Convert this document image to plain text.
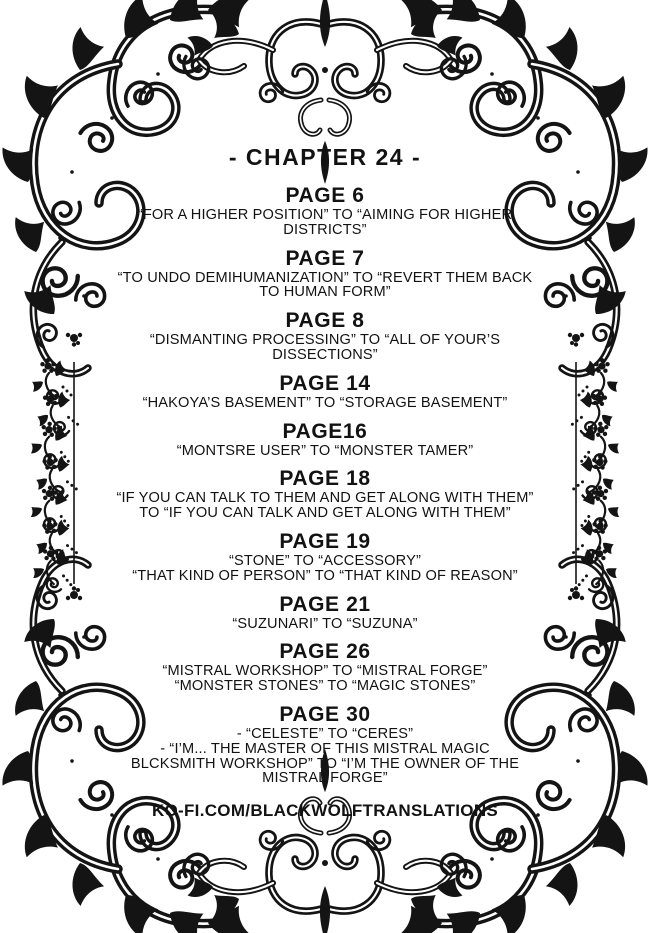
- CHAPTER 24 -
PAGE 6

“FOR A HIGHER POSITION” TO “AIMING FOR HIGHER
DISTRICTS”

PAGE 7

“TO UNDO DEMIHUMANIZATION” TO “REVERT THEM BACK
TO HUMAN FORM”

PAGE 8

“DISMANTING PROCESSING” TO “ALL OF YOUR’S
DISSECTIONS”

PAGE 14

“HAKOYA’S BASEMENT” TO “STORAGE BASEMENT”

PAGE16

“MONTSRE USER” TO “MONSTER TAMER”

PAGE 18

“IF YOU CAN TALK TO THEM AND GET ALONG WITH THEM”
TO “IF YOU CAN TALK AND GET ALONG WITH THEM”

PAGE 19

“STONE” TO “ACCESSORY”
“THAT KIND OF PERSON” TO “THAT KIND OF REASON”

PAGE 21

“SUZUNARI” TO “SUZUNA”

PAGE 26

“MISTRAL WORKSHOP” TO “MISTRAL FORGE”
“MONSTER STONES” TO “MAGIC STONES”

PAGE 30

- “CELESTE” TO “CERES”
- “I’M... THE MASTER OF THIS MISTRAL MAGIC
BLCKSMITH WORKSHOP” TO “I’M THE OWNER OF THE
MISTRAL FORGE”

KO-FI.COM/BLACKWOLFTRANSLATIONS
